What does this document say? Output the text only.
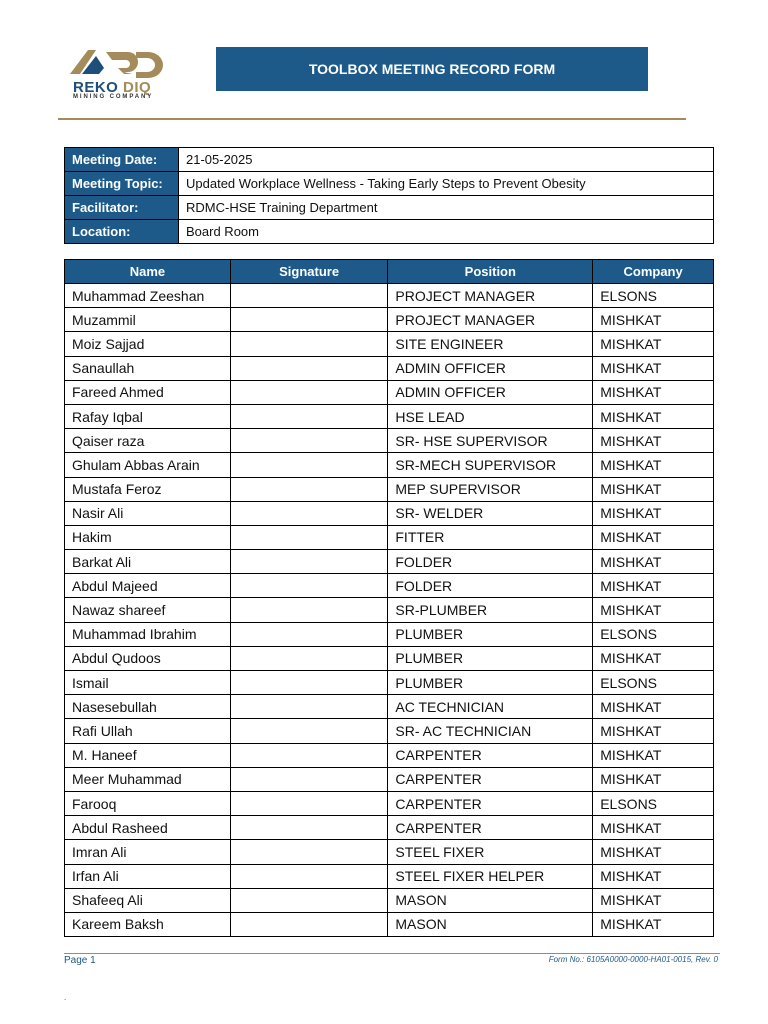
REKO DIQ
MINING COMPANY
TOOLBOX MEETING RECORD FORM
Meeting Date:	21-05-2025
Meeting Topic:	Updated Workplace Wellness - Taking Early Steps to Prevent Obesity
Facilitator:	RDMC-HSE Training Department
Location:	Board Room
Name	Signature	Position	Company
Muhammad Zeeshan		PROJECT MANAGER	ELSONS
Muzammil		PROJECT MANAGER	MISHKAT
Moiz Sajjad		SITE ENGINEER	MISHKAT
Sanaullah		ADMIN OFFICER	MISHKAT
Fareed Ahmed		ADMIN OFFICER	MISHKAT
Rafay Iqbal		HSE LEAD	MISHKAT
Qaiser raza		SR- HSE SUPERVISOR	MISHKAT
Ghulam Abbas Arain		SR-MECH SUPERVISOR	MISHKAT
Mustafa Feroz		MEP SUPERVISOR	MISHKAT
Nasir Ali		SR- WELDER	MISHKAT
Hakim		FITTER	MISHKAT
Barkat Ali		FOLDER	MISHKAT
Abdul Majeed		FOLDER	MISHKAT
Nawaz shareef		SR-PLUMBER	MISHKAT
Muhammad Ibrahim		PLUMBER	ELSONS
Abdul Qudoos		PLUMBER	MISHKAT
Ismail		PLUMBER	ELSONS
Nasesebullah		AC TECHNICIAN	MISHKAT
Rafi Ullah		SR- AC TECHNICIAN	MISHKAT
M. Haneef		CARPENTER	MISHKAT
Meer Muhammad		CARPENTER	MISHKAT
Farooq		CARPENTER	ELSONS
Abdul Rasheed		CARPENTER	MISHKAT
Imran Ali		STEEL FIXER	MISHKAT
Irfan Ali		STEEL FIXER HELPER	MISHKAT
Shafeeq Ali		MASON	MISHKAT
Kareem Baksh		MASON	MISHKAT
Page 1	Form No.: 6105A0000-0000-HA01-0015, Rev. 0
.
